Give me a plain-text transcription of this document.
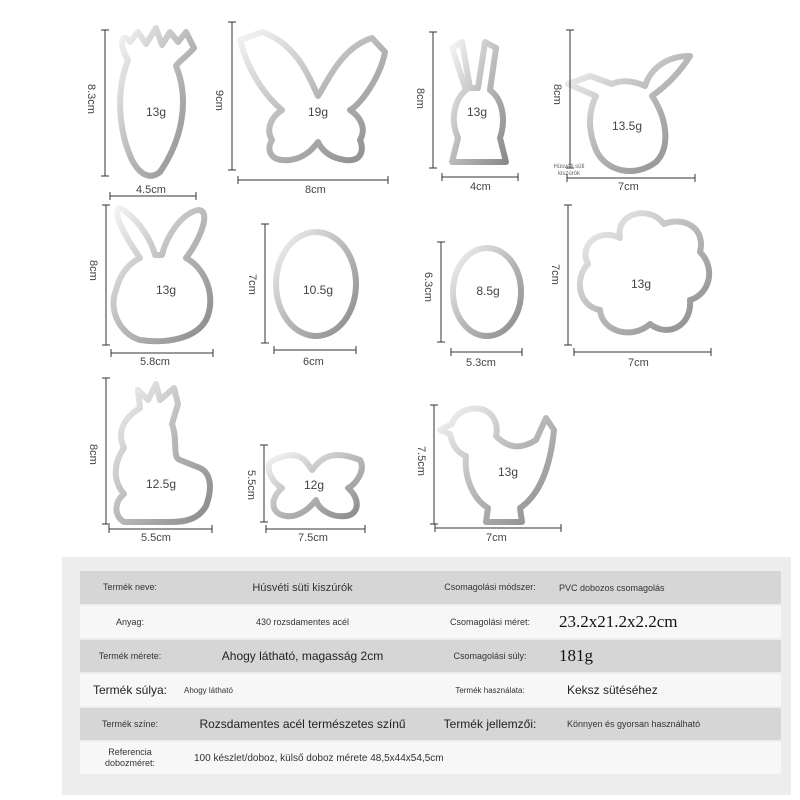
8.3cm	9cm	8cm	8cm
8cm
7cm	6.3cm	7cm
8cm
5.5cm
7.5cm
4.5cm	8cm	4cm	7cm
5.8cm	6cm	5.3cm	7cm
5.5cm	7.5cm	7cm
13g	19g	13g
13.5g
13g	10.5g	8.5g	13g
12.5g	12g
13g
Húsvéti süti kiszúrók
Termék neve:	Húsvéti süti kiszúrók	Csomagolási módszer:	PVC dobozos csomagolás
Anyag:	430 rozsdamentes acél	Csomagolási méret:	23.2x21.2x2.2cm
Termék mérete:	Ahogy látható, magasság 2cm	Csomagolási súly:	181g
Termék súlya:	Ahogy látható	Termék használata:	Keksz sütéséhez
Termék színe:	Rozsdamentes acél természetes színű	Termék jellemzői:	Könnyen és gyorsan használható
Referencia dobozméret:	100 készlet/doboz, külső doboz mérete 48,5x44x54,5cm		
